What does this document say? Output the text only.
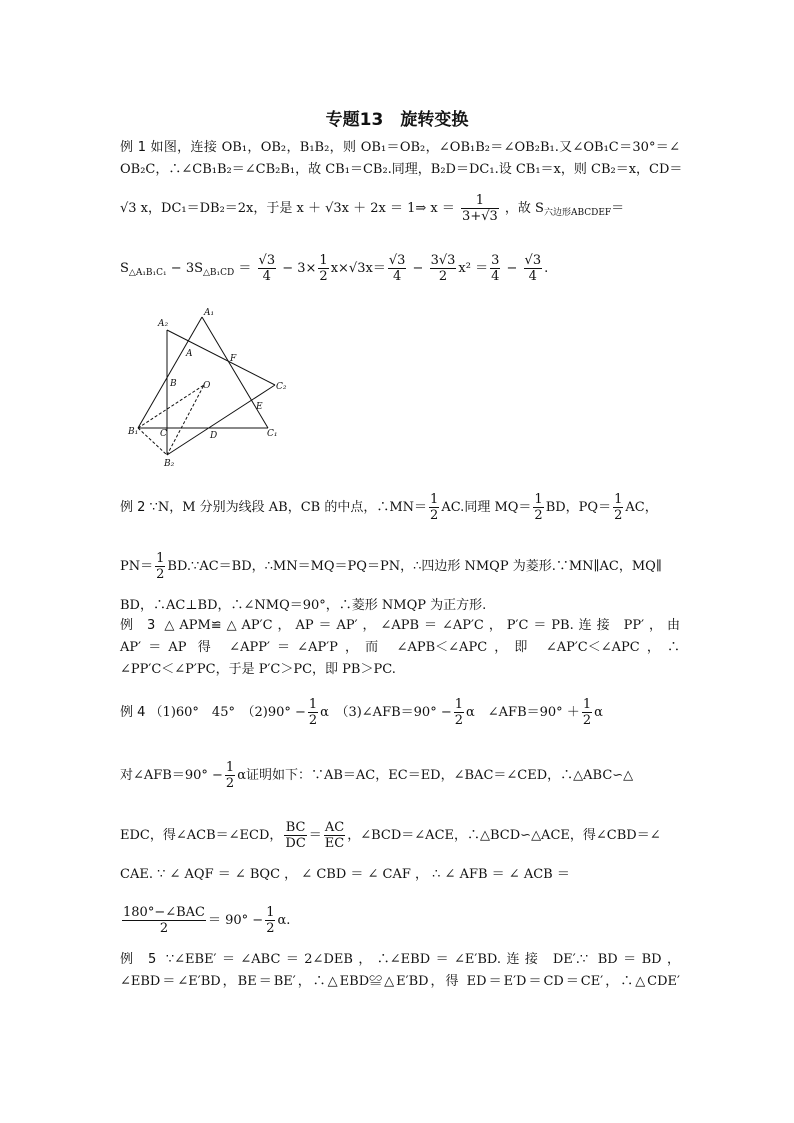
专题13　旋转变换
例 1 如图，连接 OB₁，OB₂，B₁B₂，则 OB₁＝OB₂，∠OB₁B₂＝∠OB₂B₁.又∠OB₁C＝30°＝∠
OB₂C，∴∠CB₁B₂＝∠CB₂B₁，故 CB₁＝CB₂.同理，B₂D＝DC₁.设 CB₁＝x，则 CB₂＝x，CD＝
√3 x，DC₁＝DB₂＝2x，于是 x ＋ √3x ＋ 2x ＝ 1⇒ $x = \frac{1}{3+√3}$ ，故 $S_{六边形ABCDEF}=$
$S_{\triangle A_1B_1C_1} - 3S_{\triangle B_1CD} = \frac{√3}{4} - 3\times \frac{1}{2} x\times√3x= \frac{√3}{4} - \frac{3√3}{2} x^2 = \frac{3}{4} - \frac{√3}{4}$ .
A₁
A₂
A	F
C₂
O
B
E
B₁ C	D	C₁
B₂
例 2 ∵N，M 分别为线段 AB，CB 的中点，∴MN＝ $\frac{1}{2}$ AC.同理 $MQ= \frac{1}{2}$ BD，$PQ= \frac{1}{2}$ AC，
$PN= \frac{1}{2}$ BD.∵AC＝BD，∴MN＝MQ＝PQ＝PN，∴四边形 NMQP 为菱形.∵MN∥AC，MQ∥
BD，∴AC⊥BD，∴∠NMQ＝90°，∴菱形 NMQP 为正方形.
例 3 △APM≌△AP′C，AP＝AP′，∠APB＝∠AP′C，P′C＝PB.连接 PP′，由
AP′＝AP 得 ∠APP′＝∠AP′P，而 ∠APB＜∠APC，即 ∠AP′C＜∠APC，∴
∠PP′C＜∠P′PC，于是 P′C＞PC，即 PB＞PC.
例 4 （1)60°　45°　$(2)90^\circ - \frac{1}{2}$ α　（3)∠AFB＝90° − $\frac{1}{2}$ α　∠AFB＝90° ＋ $\frac{1}{2}$ α
对∠AFB＝90° − $\frac{1}{2}$ α证明如下：∵AB＝AC，EC＝ED，∠BAC＝∠CED，∴△ABC∽△
EDC，得∠ACB＝∠ECD， $\frac{BC}{DC} = \frac{AC}{EC}$ ，∠BCD＝∠ACE，∴△BCD∽△ACE，得∠CBD＝∠
CAE. ∵ ∠ AQF ＝ ∠ BQC ， ∠ CBD ＝ ∠ CAF ， ∴ ∠ AFB ＝ ∠ ACB ＝
$\frac{\text{180°−∠BAC}}{2} = 90^\circ - \frac{1}{2} \alpha$.
例 5 ∵∠EBE′＝∠ABC＝2∠DEB，∴∠EBD＝∠E′BD.连接 DE′.∵ BD＝BD，
∠EBD＝∠E′BD，BE＝BE′，∴△EBD≌△E′BD，得 ED＝E′D＝CD＝CE′，∴△CDE′
